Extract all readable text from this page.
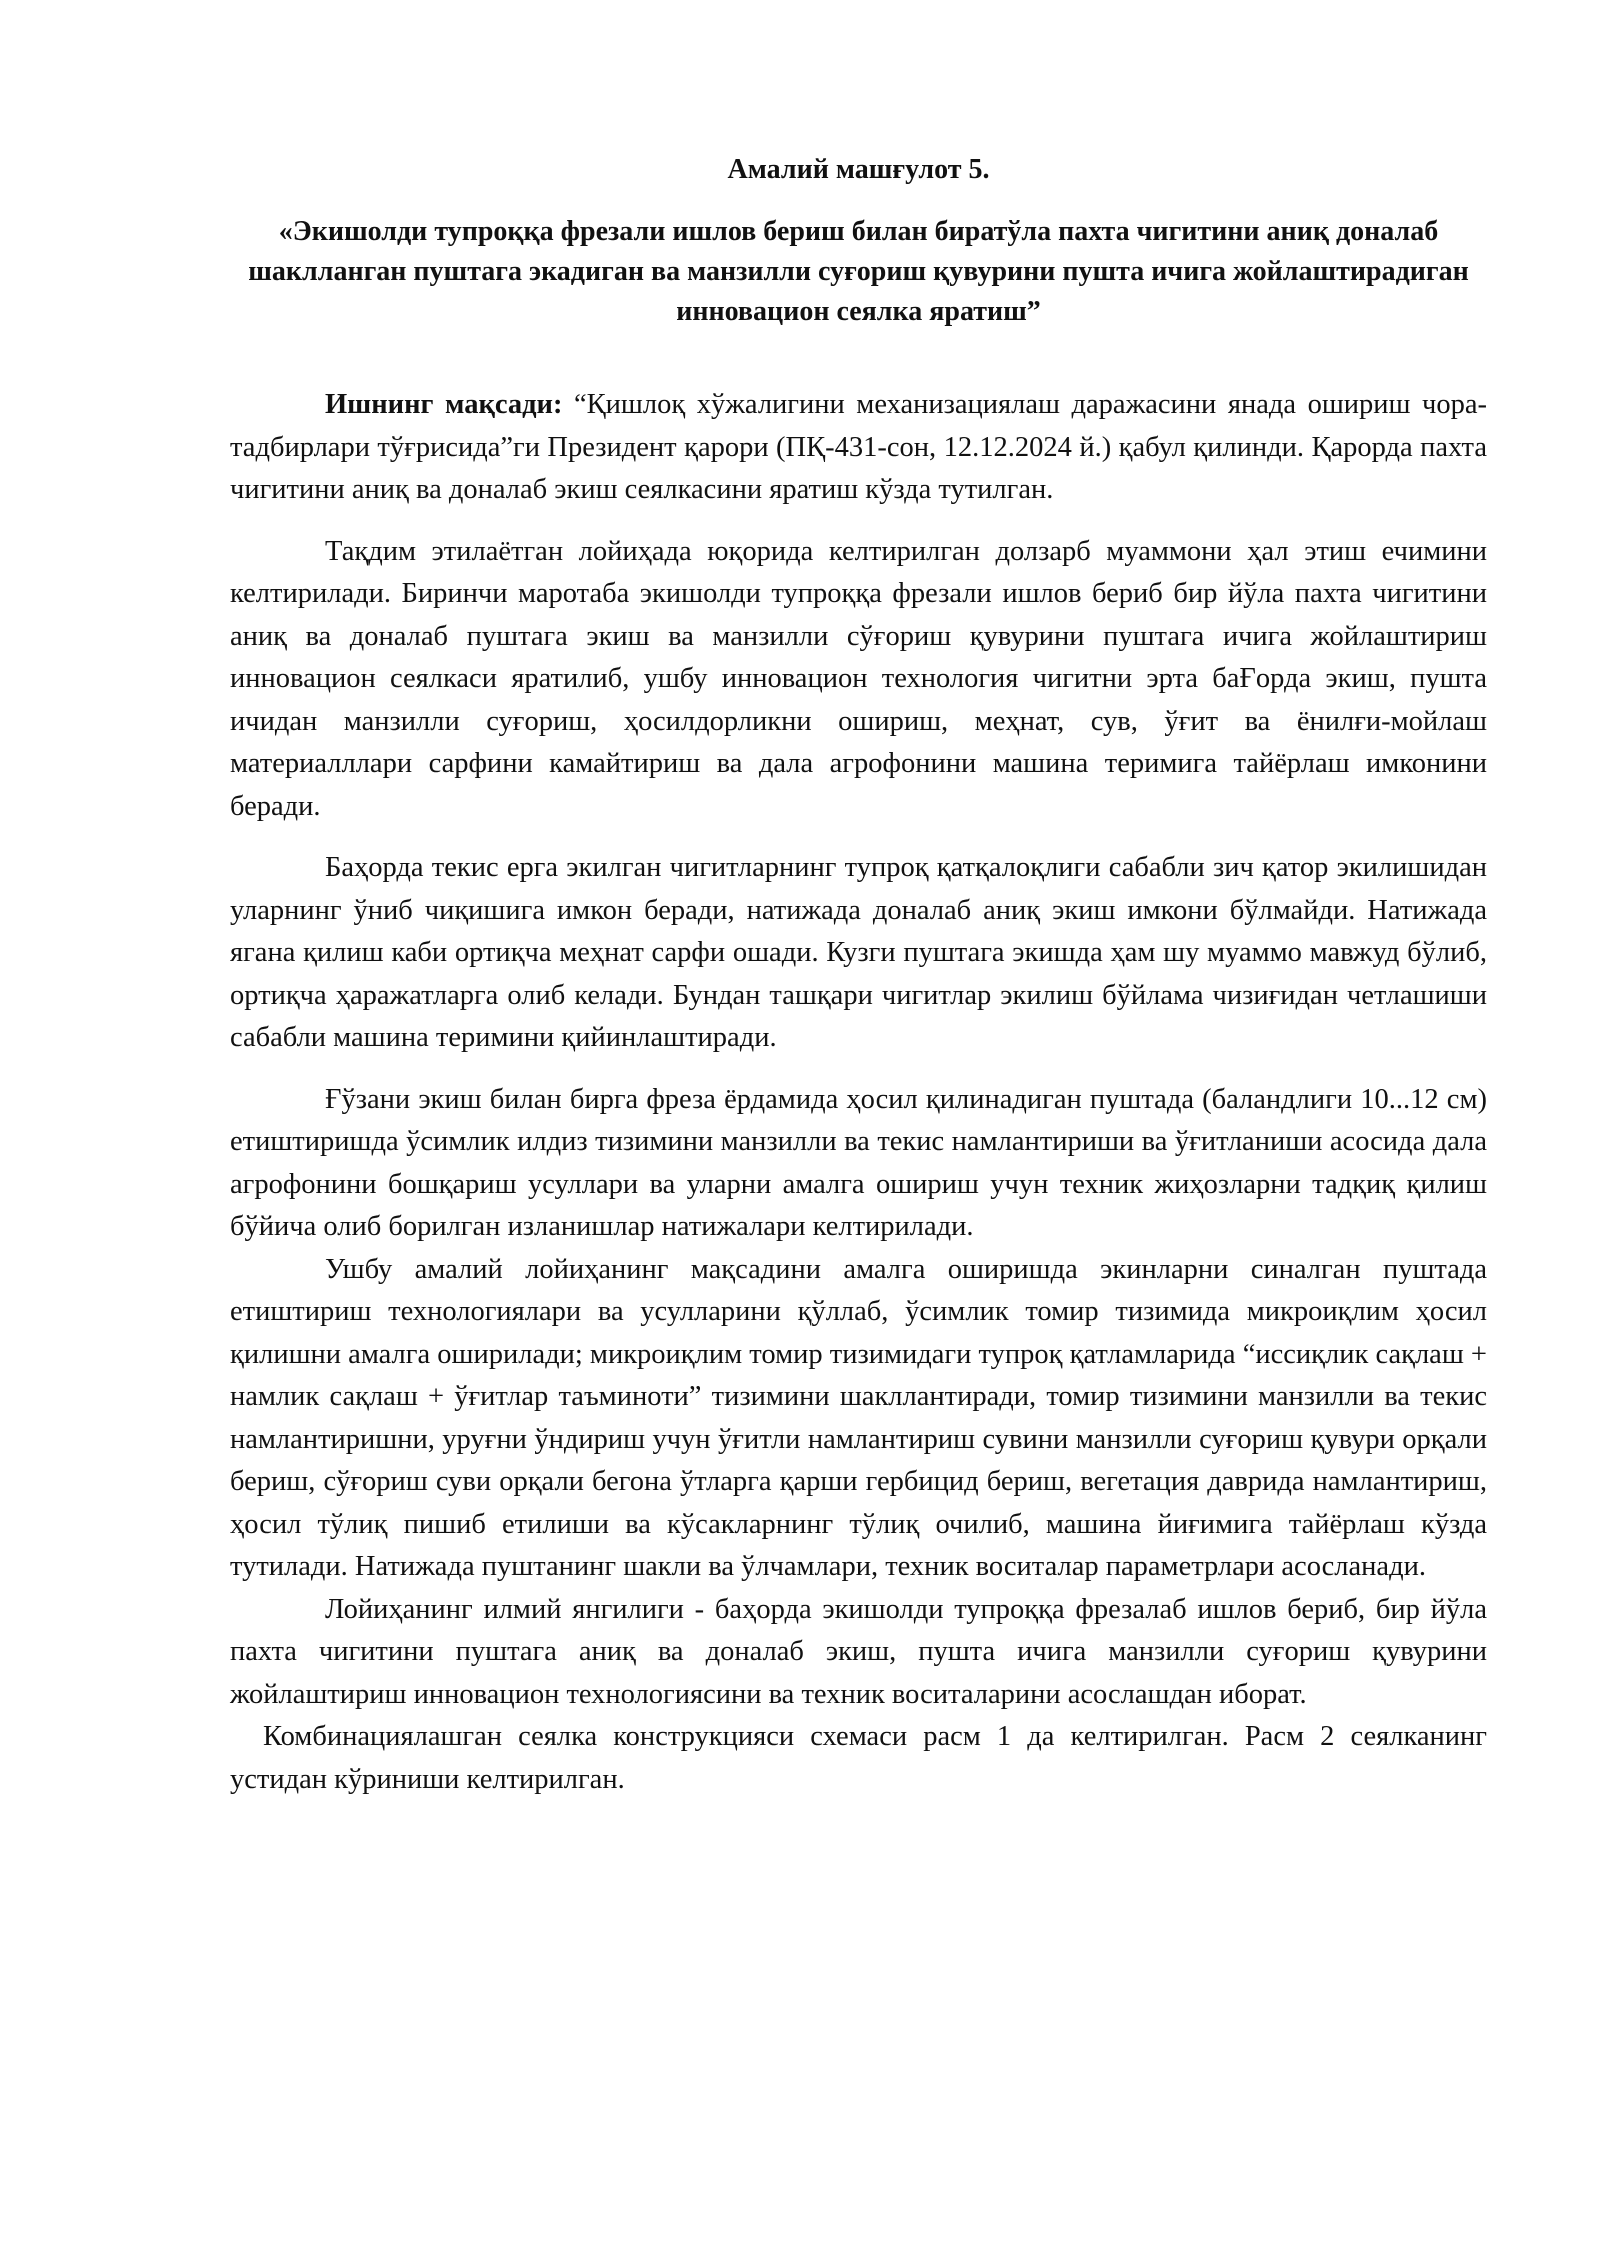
Амалий машғулот 5.
«Экишолди тупроққа фрезали ишлов бериш билан биратўла пахта чигитини аниқ доналаб шаклланган пуштага экадиган ва манзилли суғориш қувурини пушта ичига жойлаштирадиган инновацион сеялка яратиш”

Ишнинг мақсади: “Қишлоқ хўжалигини механизациялаш даражасини янада ошириш чора-тадбирлари тўғрисида”ги Президент қарори (ПҚ-431-сон, 12.12.2024 й.) қабул қилинди. Қарорда пахта чигитини аниқ ва доналаб экиш сеялкасини яратиш кўзда тутилган.

Тақдим этилаётган лойиҳада юқорида келтирилган долзарб муаммони ҳал этиш ечимини келтирилади. Биринчи маротаба экишолди тупроққа фрезали ишлов бериб бир йўла пахта чигитини аниқ ва доналаб пуштага экиш ва манзилли сўғориш қувурини пуштага ичига жойлаштириш инновацион сеялкаси яратилиб, ушбу инновацион технология чигитни эрта баҒорда экиш, пушта ичидан манзилли суғориш, ҳосилдорликни ошириш, меҳнат, сув, ўғит ва ёнилғи-мойлаш материалллари сарфини камайтириш ва дала агрофонини машина теримига тайёрлаш имконини беради.

Баҳорда текис ерга экилган чигитларнинг тупроқ қатқалоқлиги сабабли зич қатор экилишидан уларнинг ўниб чиқишига имкон беради, натижада доналаб аниқ экиш имкони бўлмайди. Натижада ягана қилиш каби ортиқча меҳнат сарфи ошади. Кузги пуштага экишда ҳам шу муаммо мавжуд бўлиб, ортиқча ҳаражатларга олиб келади. Бундан ташқари чигитлар экилиш бўйлама чизиғидан четлашиши сабабли машина теримини қийинлаштиради.

Ғўзани экиш билан бирга фреза ёрдамида ҳосил қилинадиган пуштада (баландлиги 10...12 см) етиштиришда ўсимлик илдиз тизимини манзилли ва текис намлантириши ва ўғитланиши асосида дала агрофонини бошқариш усуллари ва уларни амалга ошириш учун техник жиҳозларни тадқиқ қилиш бўйича олиб борилган изланишлар натижалари келтирилади.

Ушбу амалий лойиҳанинг мақсадини амалга оширишда экинларни синалган пуштада етиштириш технологиялари ва усулларини қўллаб, ўсимлик томир тизимида микроиқлим ҳосил қилишни амалга оширилади; микроиқлим томир тизимидаги тупроқ қатламларида “иссиқлик сақлаш + намлик сақлаш + ўғитлар таъминоти” тизимини шакллантиради, томир тизимини манзилли ва текис намлантиришни, уруғни ўндириш учун ўғитли намлантириш сувини манзилли суғориш қувури орқали бериш, сўғориш суви орқали бегона ўтларга қарши гербицид бериш, вегетация даврида намлантириш, ҳосил тўлиқ пишиб етилиши ва кўсакларнинг тўлиқ очилиб, машина йиғимига тайёрлаш кўзда тутилади. Натижада пуштанинг шакли ва ўлчамлари, техник воситалар параметрлари асосланади.

Лойиҳанинг илмий янгилиги - баҳорда экишолди тупроққа фрезалаб ишлов бериб, бир йўла пахта чигитини пуштага аниқ ва доналаб экиш, пушта ичига манзилли суғориш қувурини жойлаштириш инновацион технологиясини ва техник воситаларини асослашдан иборат.

Комбинациялашган сеялка конструкцияси схемаси расм 1 да келтирилган. Расм 2 сеялканинг устидан кўриниши келтирилган.
